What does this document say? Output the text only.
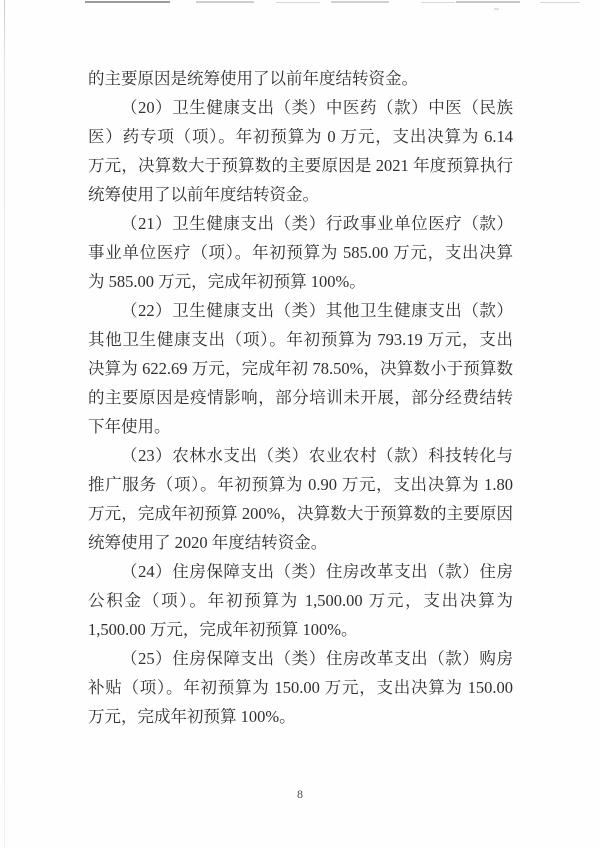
的主要原因是统筹使用了以前年度结转资金。
（20）卫生健康支出（类）中医药（款）中医（民族
医）药专项（项）。年初预算为 0 万元，支出决算为 6.14
万元，决算数大于预算数的主要原因是 2021 年度预算执行
统筹使用了以前年度结转资金。
（21）卫生健康支出（类）行政事业单位医疗（款）
事业单位医疗（项）。年初预算为 585.00 万元，支出决算
为 585.00 万元，完成年初预算 100%。
（22）卫生健康支出（类）其他卫生健康支出（款）
其他卫生健康支出（项）。年初预算为 793.19 万元，支出
决算为 622.69 万元，完成年初 78.50%，决算数小于预算数
的主要原因是疫情影响，部分培训未开展，部分经费结转
下年使用。
（23）农林水支出（类）农业农村（款）科技转化与
推广服务（项）。年初预算为 0.90 万元，支出决算为 1.80
万元，完成年初预算 200%，决算数大于预算数的主要原因
统筹使用了 2020 年度结转资金。
（24）住房保障支出（类）住房改革支出（款）住房
公积金（项）。年初预算为 1,500.00 万元，支出决算为
1,500.00 万元，完成年初预算 100%。
（25）住房保障支出（类）住房改革支出（款）购房
补贴（项）。年初预算为 150.00 万元，支出决算为 150.00
万元，完成年初预算 100%。
8
